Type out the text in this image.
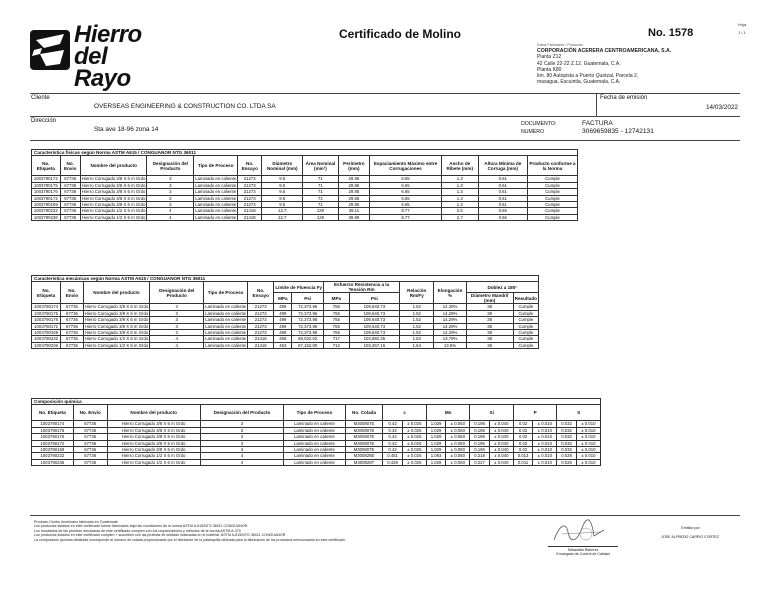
Hierro
del Rayo
Certificado de Molino	No. 1578
Hoja
1 / 1
Datos Fabricante / Productor
CORPORACIÓN ACERERA CENTROAMERICANA, S.A.
Planta Z12
42 Calle 22-22 Z.12. Guatemala, C.A.
Planta K80
km. 80 Autopista a Puerto Quetzal, Parcela 2,
masagua, Escuintla, Guatemala, C.A.
Cliente
OVERSEAS ENGINEERING & CONSTRUCTION CO. LTDA SA
Fecha de emisión
14/03/2022
Dirección
Sta ave 18-96 zona 14
DOCUMENTO:	FACTURA
NUMERO	3069659835 - 12742131
Característica físicas según Norma ASTM A615 / CONGUANOR NTG 36011												
No. Etiqueta	No. Envio	Nombre del producto	Designación del Producto	Tipo de Proceso	No. Ensayo	Diámetro Nominal (mm)	Área Nominal (mm²)	Perímetro (mm)	Espaciamiento Máximo entre Corrugaciones	Ancho de Ribete (mm)	Altura Mínima de Corruga (mm)	Producto conforme a la Norma
1003790174	67736	Hierro Corrugado 3/8 X 6 m Grdo	3	Laminado en caliente	21273	9.5	71	29.85	6.65	1.3	0.61	Cumple
1003790175	67736	Hierro Corrugado 3/8 X 6 m Grdo	3	Laminado en caliente	21273	9.5	71	29.85	6.65	1.3	0.61	Cumple
1003790176	67736	Hierro Corrugado 3/8 X 6 m Grdo	3	Laminado en caliente	21273	9.5	71	29.85	6.65	1.3	0.61	Cumple
1003790172	67736	Hierro Corrugado 3/8 X 6 m Grdo	3	Laminado en caliente	21273	9.5	71	29.85	6.65	1.3	0.61	Cumple
1003790169	67736	Hierro Corrugado 3/8 X 6 m Grdo	3	Laminado en caliente	21273	9.5	71	29.85	6.65	1.3	0.61	Cumple
1003790232	67736	Hierro Corrugado 1/2 X 6 m Grdo	4	Laminado en caliente	21418	12.7	129	39.11	8.77	2.6	0.66	Cumple
1003790236	67736	Hierro Corrugado 1/2 X 6 m Grdo	4	Laminado en caliente	21418	12.7	129	39.89	8.77	2.7	0.66	Cumple
Característica mecánicas según Norma ASTM A615 / CONGUANOR NTG 36011													
No. Etiqueta	No. Envio	Nombre del producto	Designación del Producto	Tipo de Proceso	No. Ensayo	Límite de Fluencia Fy		Esfuerzo Resistencia a la Tensión Rm		Relación Rm/Fy	Elongación %	Doblez a 180°	
						MPa	Psi	MPa	Psi			Diámetro Mandril (mm)	Resultado
1003790174	67736	Hierro Corrugado 3/8 X 6 m Grdo	3	Laminado en caliente	21273	499	72,373.96	755	109,640.73	1.52	14.29%	38	Cumple
1003790175	67736	Hierro Corrugado 3/8 X 6 m Grdo	3	Laminado en caliente	21273	499	72,373.96	755	109,640.73	1.52	14.29%	38	Cumple
1003790176	67736	Hierro Corrugado 3/8 X 6 m Grdo	3	Laminado en caliente	21273	499	72,373.96	755	109,640.73	1.52	14.29%	38	Cumple
1003790172	67736	Hierro Corrugado 3/8 X 6 m Grdo	3	Laminado en caliente	21273	499	72,373.96	755	109,640.73	1.52	14.29%	38	Cumple
1003790169	67736	Hierro Corrugado 3/8 X 6 m Grdo	3	Laminado en caliente	21273	499	72,373.96	755	109,640.73	1.52	14.29%	38	Cumple
1003790232	67736	Hierro Corrugado 1/2 X 6 m Grdo	4	Laminado en caliente	21418	469	68,022.02	717	103,992.35	1.53	13.79%	38	Cumple
1003790236	67736	Hierro Corrugado 1/2 X 6 m Grdo	4	Laminado en caliente	21418	463	67,152.00	712	103,267.16	1.54	13.5%	38	Cumple
Composición química															
No. Etiqueta	No. Envio	Nombre del producto	Designación del Producto	Tipo de Proceso	No. Colada	c		Mn		Si		P		S	
1003790174	67736	Hierro Corrugado 3/8 X 6 m Grdo	3	Laminado en caliente	M300807E	0.42	± 0.025	1.029	± 0.050	0.196	± 0.040	0.02	± 0.010	0.032	± 0.010
1003790175	67736	Hierro Corrugado 3/8 X 6 m Grdo	3	Laminado en caliente	M300807E	0.42	± 0.025	1.029	± 0.050	0.196	± 0.040	0.02	± 0.010	0.032	± 0.010
1003790176	67736	Hierro Corrugado 3/8 X 6 m Grdo	3	Laminado en caliente	M300807E	0.42	± 0.025	1.029	± 0.050	0.196	± 0.040	0.02	± 0.010	0.032	± 0.010
1003790172	67736	Hierro Corrugado 3/8 X 6 m Grdo	3	Laminado en caliente	M300807E	0.42	± 0.025	1.029	± 0.050	0.196	± 0.040	0.02	± 0.010	0.032	± 0.010
1003790169	67736	Hierro Corrugado 3/8 X 6 m Grdo	3	Laminado en caliente	M300807E	0.42	± 0.025	1.029	± 0.050	0.196	± 0.040	0.02	± 0.010	0.032	± 0.010
1003790232	67736	Hierro Corrugado 1/2 X 6 m Grdo	4	Laminado en caliente	M300828E	0.451	± 0.025	1.093	± 0.050	0.218	± 0.040	0.013	± 0.010	0.028	± 0.010
1003790236	67736	Hierro Corrugado 1/2 X 6 m Grdo	4	Laminado en caliente	M300828T	0.428	± 0.025	1.029	± 0.050	0.227	± 0.040	0.011	± 0.010	0.026	± 0.010
Producto Centro Americano fabricado en Guatemala
Los productos listados en este certificado fueron fabricados bajo las condiciones de la norma ASTM A-615/NTG 36011 CONGUANOR.
Los resultados de las pruebas mecánicas de este certificado cumplen con los requerimientos y métodos de la norma ASTM A-370
Los productos listados en este certificado cumplen + suscriben con las pruebas de doblado realizadas en el material. ASTM A-615/NTG 36011 CONGUANOR
La composición química detallada corresponde al número de colada proporcionado por el fabricante de la palanquilla utilizada para la fabricación de los productos mencionados en este certificado.
Sebastián Ramírez
Encargado de Control de Calidad
Emitido por:
JOSE ALFREDO CARPIO CORTEZ
